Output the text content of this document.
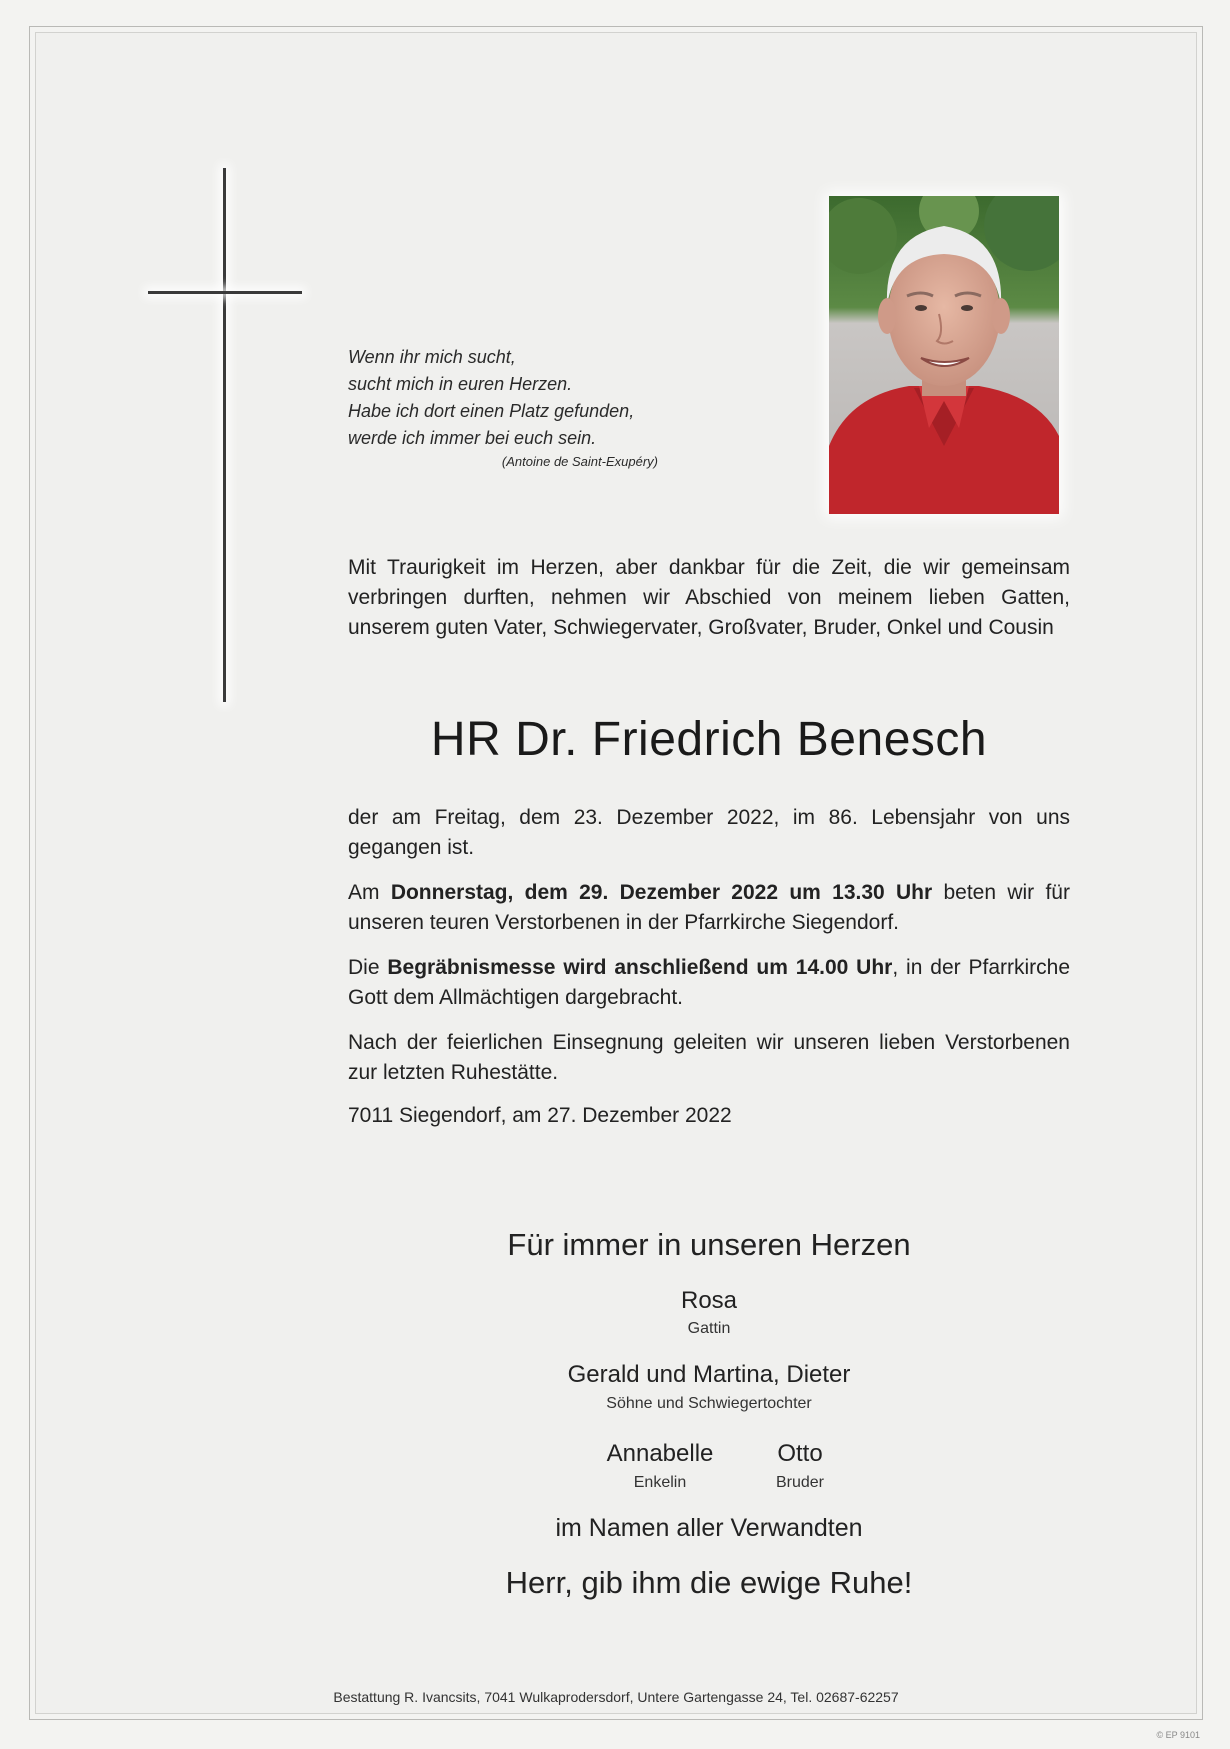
Wenn ihr mich sucht,
sucht mich in euren Herzen.
Habe ich dort einen Platz gefunden,
werde ich immer bei euch sein.
(Antoine de Saint-Exupéry)
Mit Traurigkeit im Herzen, aber dankbar für die Zeit, die wir gemeinsam verbringen durften, nehmen wir Abschied von meinem lieben Gatten, unserem guten Vater, Schwiegervater, Großvater, Bruder, Onkel und Cousin
HR Dr. Friedrich Benesch
der am Freitag, dem 23. Dezember 2022, im 86. Lebensjahr von uns gegangen ist.
Am Donnerstag, dem 29. Dezember 2022 um 13.30 Uhr beten wir für unseren teuren Verstorbenen in der Pfarrkirche Siegendorf.
Die Begräbnismesse wird anschließend um 14.00 Uhr, in der Pfarrkirche Gott dem Allmächtigen dargebracht.
Nach der feierlichen Einsegnung geleiten wir unseren lieben Verstorbenen zur letzten Ruhestätte.
7011 Siegendorf, am 27. Dezember 2022
Für immer in unseren Herzen
Rosa
Gattin
Gerald und Martina, Dieter
Söhne und Schwiegertochter
Annabelle
Enkelin
Otto
Bruder
im Namen aller Verwandten
Herr, gib ihm die ewige Ruhe!
Bestattung R. Ivancsits, 7041 Wulkaprodersdorf, Untere Gartengasse 24, Tel. 02687-62257
© EP 9101
